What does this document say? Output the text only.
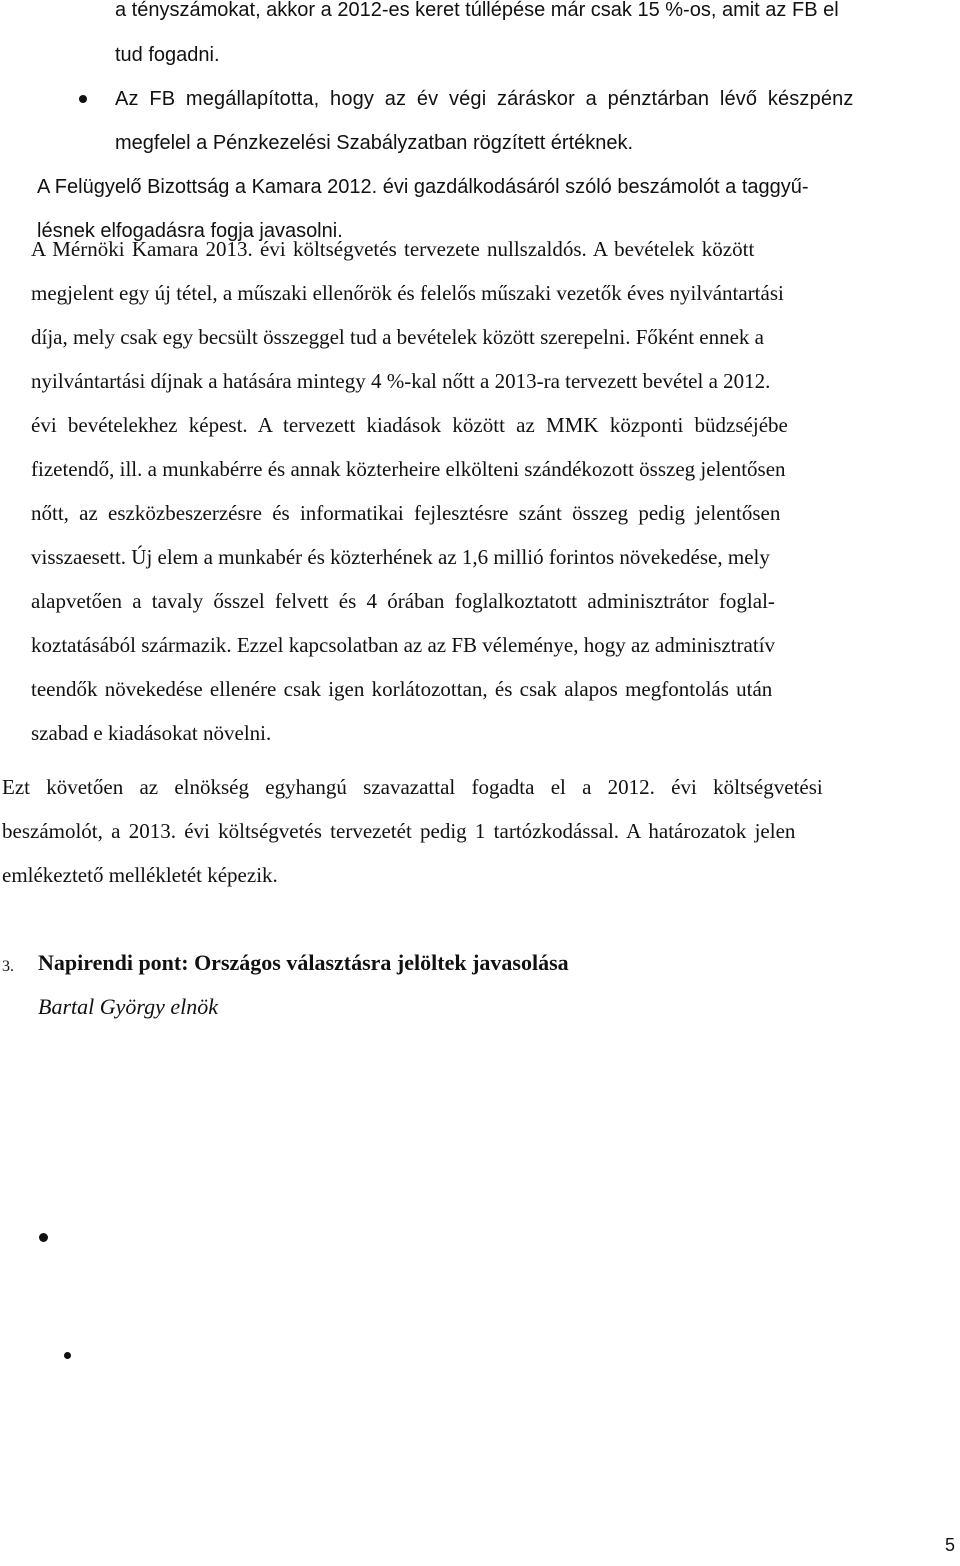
a tényszámokat, akkor a 2012-es keret túllépése már csak 15 %-os, amit az FB el

tud fogadni.

Az FB megállapította, hogy az év végi záráskor a pénztárban lévő készpénz

megfelel a Pénzkezelési Szabályzatban rögzített értéknek.

A Felügyelő Bizottság a Kamara 2012. évi gazdálkodásáról szóló beszámolót a taggyű-

lésnek elfogadásra fogja javasolni.

A Mérnöki Kamara 2013. évi költségvetés tervezete nullszaldós. A bevételek között

megjelent egy új tétel, a műszaki ellenőrök és felelős műszaki vezetők éves nyilvántartási

díja, mely csak egy becsült összeggel tud a bevételek között szerepelni. Főként ennek a

nyilvántartási díjnak a hatására mintegy 4 %-kal nőtt a 2013-ra tervezett bevétel a 2012.

évi bevételekhez képest. A tervezett kiadások között az MMK központi büdzséjébe

fizetendő, ill. a munkabérre és annak közterheire elkölteni szándékozott összeg jelentősen

nőtt, az eszközbeszerzésre és informatikai fejlesztésre szánt összeg pedig jelentősen

visszaesett. Új elem a munkabér és közterhének az 1,6 millió forintos növekedése, mely

alapvetően a tavaly ősszel felvett és 4 órában foglalkoztatott adminisztrátor foglal-

koztatásából származik. Ezzel kapcsolatban az az FB véleménye, hogy az adminisztratív

teendők növekedése ellenére csak igen korlátozottan, és csak alapos megfontolás után

szabad e kiadásokat növelni.

Ezt követően az elnökség egyhangú szavazattal fogadta el a 2012. évi költségvetési

beszámolót, a 2013. évi költségvetés tervezetét pedig 1 tartózkodással. A határozatok jelen

emlékeztető mellékletét képezik.

3. Napirendi pont: Országos választásra jelöltek javasolása
Bartal György elnök
5
